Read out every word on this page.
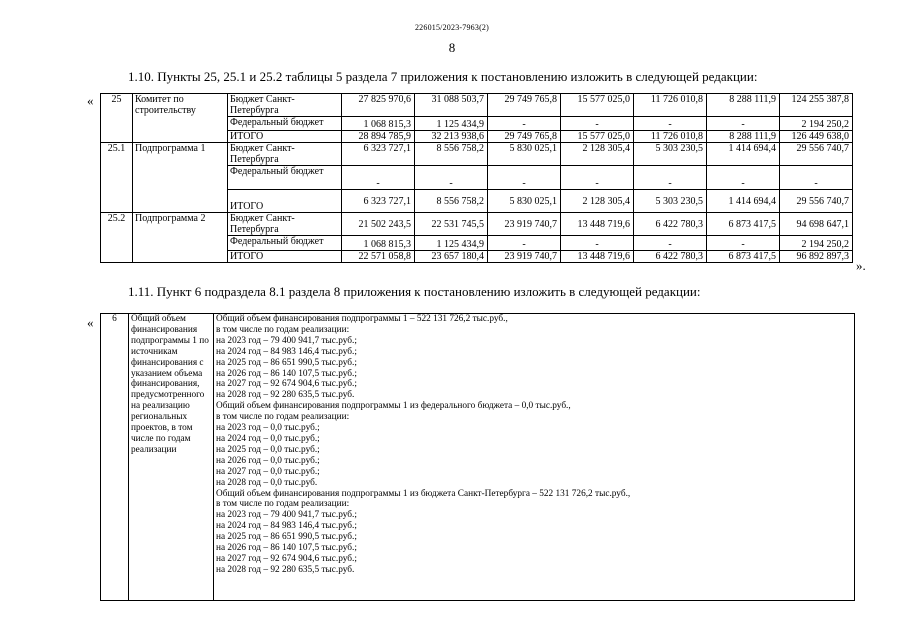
226015/2023-7963(2)
8
1.10. Пункты 25, 25.1 и 25.2 таблицы 5 раздела 7 приложения к постановлению изложить в следующей редакции:
« 25	Комитет по строительству	Бюджет Санкт-Петербурга	27 825 970,6	31 088 503,7	29 749 765,8	15 577 025,0	11 726 010,8	8 288 111,9	124 255 387,8
		Федеральный бюджет	1 068 815,3	1 125 434,9	-	-	-	-	2 194 250,2
		ИТОГО	28 894 785,9	32 213 938,6	29 749 765,8	15 577 025,0	11 726 010,8	8 288 111,9	126 449 638,0
25.1	Подпрограмма 1	Бюджет Санкт-Петербурга	6 323 727,1	8 556 758,2	5 830 025,1	2 128 305,4	5 303 230,5	1 414 694,4	29 556 740,7
		Федеральный бюджет	-	-	-	-	-	-	-
		ИТОГО	6 323 727,1	8 556 758,2	5 830 025,1	2 128 305,4	5 303 230,5	1 414 694,4	29 556 740,7
25.2	Подпрограмма 2	Бюджет Санкт-Петербурга	21 502 243,5	22 531 745,5	23 919 740,7	13 448 719,6	6 422 780,3	6 873 417,5	94 698 647,1
		Федеральный бюджет	1 068 815,3	1 125 434,9	-	-	-	-	2 194 250,2
		ИТОГО	22 571 058,8	23 657 180,4	23 919 740,7	13 448 719,6	6 422 780,3	6 873 417,5	96 892 897,3
».
1.11. Пункт 6 подраздела 8.1 раздела 8 приложения к постановлению изложить в следующей редакции:
« 6	Общий объем финансирования подпрограммы 1 по источникам финансирования с указанием объема финансирования, предусмотренного на реализацию региональных проектов, в том числе по годам реализации	
Общий объем финансирования подпрограммы 1 – 522 131 726,2 тыс.руб.,
в том числе по годам реализации:
на 2023 год – 79 400 941,7 тыс.руб.;
на 2024 год – 84 983 146,4 тыс.руб.;
на 2025 год – 86 651 990,5 тыс.руб.;
на 2026 год – 86 140 107,5 тыс.руб.;
на 2027 год – 92 674 904,6 тыс.руб.;
на 2028 год – 92 280 635,5 тыс.руб.
Общий объем финансирования подпрограммы 1 из федерального бюджета – 0,0 тыс.руб.,
в том числе по годам реализации:
на 2023 год – 0,0 тыс.руб.;
на 2024 год – 0,0 тыс.руб.;
на 2025 год – 0,0 тыс.руб.;
на 2026 год – 0,0 тыс.руб.;
на 2027 год – 0,0 тыс.руб.;
на 2028 год – 0,0 тыс.руб.
Общий объем финансирования подпрограммы 1 из бюджета Санкт-Петербурга – 522 131 726,2 тыс.руб.,
в том числе по годам реализации:
на 2023 год – 79 400 941,7 тыс.руб.;
на 2024 год – 84 983 146,4 тыс.руб.;
на 2025 год – 86 651 990,5 тыс.руб.;
на 2026 год – 86 140 107,5 тыс.руб.;
на 2027 год – 92 674 904,6 тыс.руб.;
на 2028 год – 92 280 635,5 тыс.руб.
